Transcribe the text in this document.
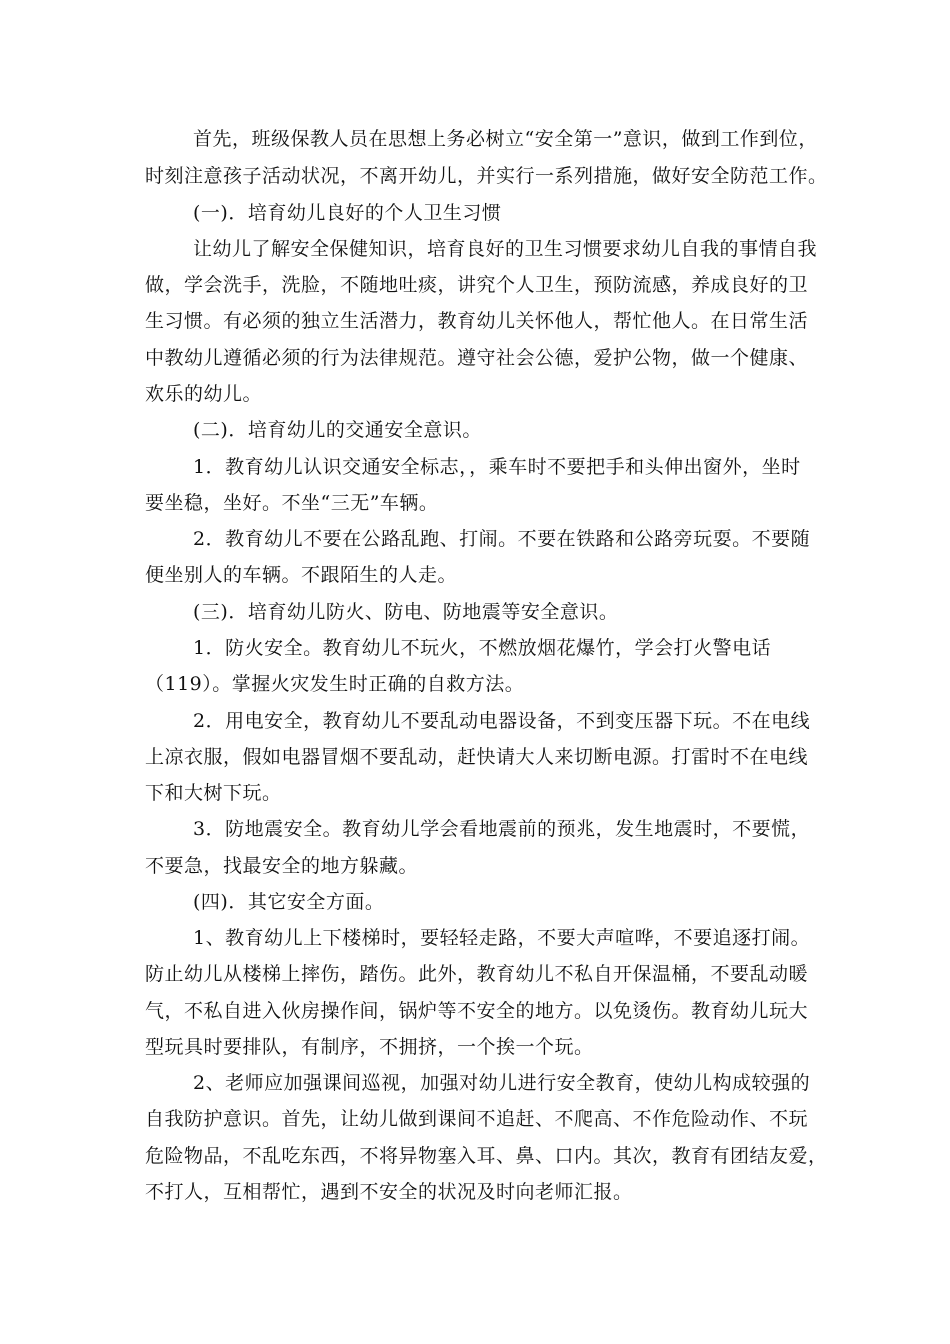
首先，班级保教人员在思想上务必树立“安全第一”意识，做到工作到位，
时刻注意孩子活动状况，不离开幼儿，并实行一系列措施，做好安全防范工作。
(一)．培育幼儿良好的个人卫生习惯
让幼儿了解安全保健知识，培育良好的卫生习惯要求幼儿自我的事情自我
做，学会洗手，洗脸，不随地吐痰，讲究个人卫生，预防流感，养成良好的卫
生习惯。有必须的独立生活潜力，教育幼儿关怀他人，帮忙他人。在日常生活
中教幼儿遵循必须的行为法律规范。遵守社会公德，爱护公物，做一个健康、
欢乐的幼儿。
(二)．培育幼儿的交通安全意识。
1．教育幼儿认识交通安全标志，，乘车时不要把手和头伸出窗外，坐时
要坐稳，坐好。不坐“三无”车辆。
2．教育幼儿不要在公路乱跑、打闹。不要在铁路和公路旁玩耍。不要随
便坐别人的车辆。不跟陌生的人走。
(三)．培育幼儿防火、防电、防地震等安全意识。
1．防火安全。教育幼儿不玩火，不燃放烟花爆竹，学会打火警电话
（119）。掌握火灾发生时正确的自救方法。
2．用电安全，教育幼儿不要乱动电器设备，不到变压器下玩。不在电线
上凉衣服，假如电器冒烟不要乱动，赶快请大人来切断电源。打雷时不在电线
下和大树下玩。
3．防地震安全。教育幼儿学会看地震前的预兆，发生地震时，不要慌，
不要急，找最安全的地方躲藏。
(四)．其它安全方面。
1、教育幼儿上下楼梯时，要轻轻走路，不要大声喧哗，不要追逐打闹。
防止幼儿从楼梯上摔伤，踏伤。此外，教育幼儿不私自开保温桶，不要乱动暖
气，不私自进入伙房操作间，锅炉等不安全的地方。以免烫伤。教育幼儿玩大
型玩具时要排队，有制序，不拥挤，一个挨一个玩。
2、老师应加强课间巡视，加强对幼儿进行安全教育，使幼儿构成较强的
自我防护意识。首先，让幼儿做到课间不追赶、不爬高、不作危险动作、不玩
危险物品，不乱吃东西，不将异物塞入耳、鼻、口内。其次，教育有团结友爱，
不打人，互相帮忙，遇到不安全的状况及时向老师汇报。
